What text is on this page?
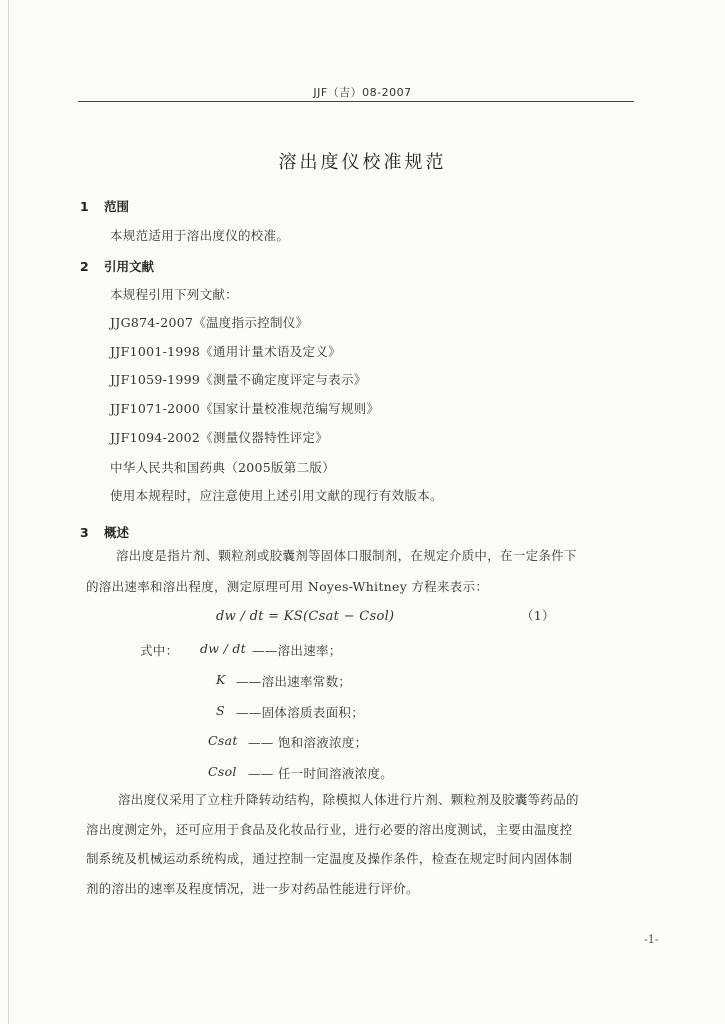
JJF（吉）08-2007
溶出度仪校准规范
1 范围
本规范适用于溶出度仪的校准。
2 引用文献
本规程引用下列文献：
JJG874-2007《温度指示控制仪》
JJF1001-1998《通用计量术语及定义》
JJF1059-1999《测量不确定度评定与表示》
JJF1071-2000《国家计量校准规范编写规则》
JJF1094-2002《测量仪器特性评定》
中华人民共和国药典（2005版第二版）
使用本规程时，应注意使用上述引用文献的现行有效版本。
3 概述
溶出度是指片剂、颗粒剂或胶囊剂等固体口服制剂，在规定介质中，在一定条件下
的溶出速率和溶出程度，测定原理可用 Noyes-Whitney 方程来表示：
dw / dt = KS(Csat − Csol)	（1）
式中： dw / dt ——溶出速率；
K ——溶出速率常数；
S ——固体溶质表面积；
Csat —— 饱和溶液浓度；
Csol —— 任一时间溶液浓度。
溶出度仪采用了立柱升降转动结构，除模拟人体进行片剂、颗粒剂及胶囊等药品的
溶出度测定外，还可应用于食品及化妆品行业，进行必要的溶出度测试，主要由温度控
制系统及机械运动系统构成，通过控制一定温度及操作条件，检查在规定时间内固体制
剂的溶出的速率及程度情况，进一步对药品性能进行评价。
-1-
